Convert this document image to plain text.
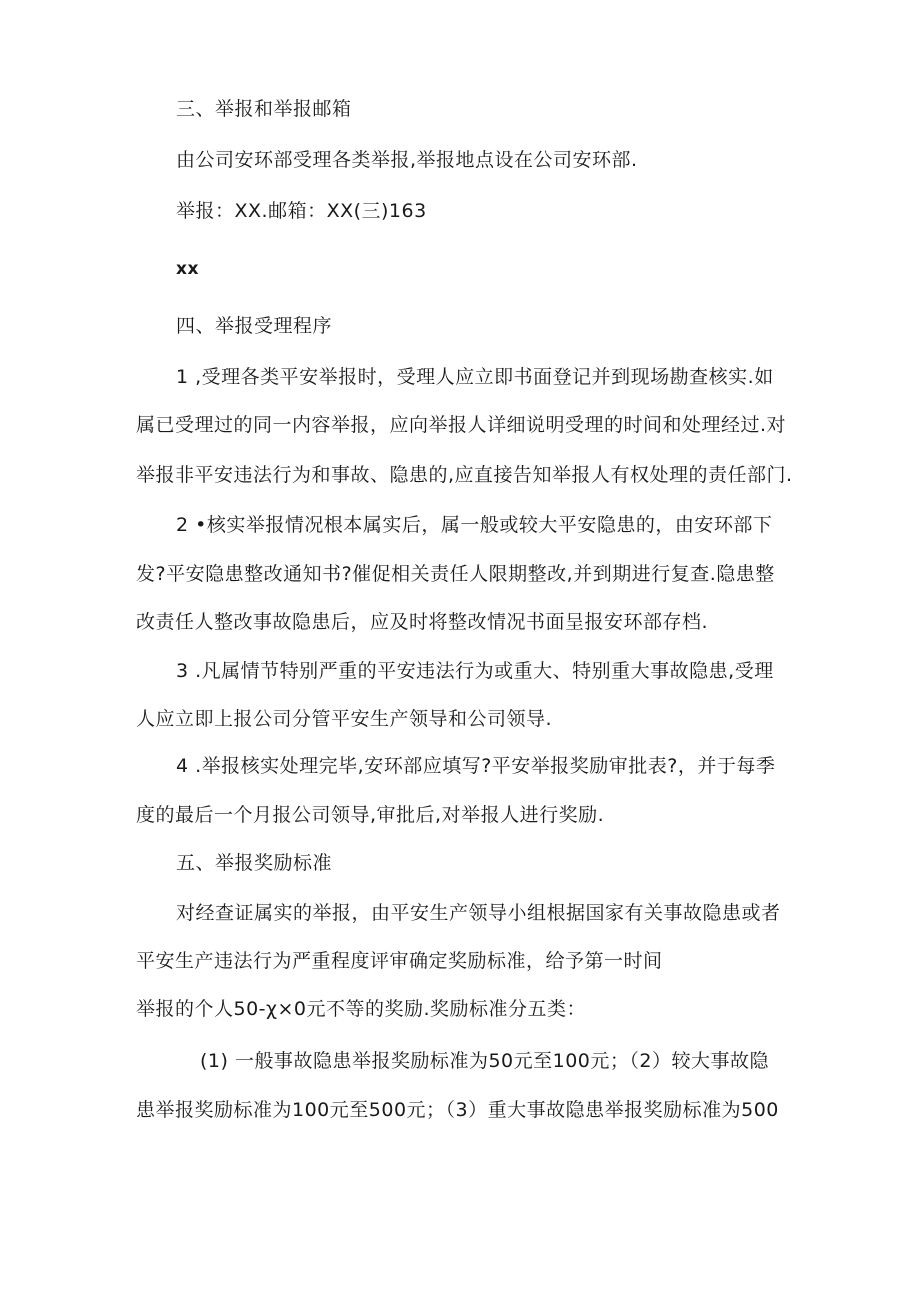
三、举报和举报邮箱
由公司安环部受理各类举报,举报地点设在公司安环部.
举报：XX.邮箱：XX(三)163
xx
四、举报受理程序
1 ,受理各类平安举报时，受理人应立即书面登记并到现场勘查核实.如
属已受理过的同一内容举报，应向举报人详细说明受理的时间和处理经过.对
举报非平安违法行为和事故、隐患的,应直接告知举报人有权处理的责任部门.
2 •核实举报情况根本属实后，属一般或较大平安隐患的，由安环部下
发?平安隐患整改通知书?催促相关责任人限期整改,并到期进行复查.隐患整
改责任人整改事故隐患后，应及时将整改情况书面呈报安环部存档.
3 .凡属情节特别严重的平安违法行为或重大、特别重大事故隐患,受理
人应立即上报公司分管平安生产领导和公司领导.
4 .举报核实处理完毕,安环部应填写?平安举报奖励审批表?，并于每季
度的最后一个月报公司领导,审批后,对举报人进行奖励.
五、举报奖励标准
对经查证属实的举报，由平安生产领导小组根据国家有关事故隐患或者
平安生产违法行为严重程度评审确定奖励标准，给予第一时间
举报的个人50-χ×0元不等的奖励.奖励标准分五类：
(1) 一般事故隐患举报奖励标准为50元至100元；（2）较大事故隐
患举报奖励标准为100元至500元；（3）重大事故隐患举报奖励标准为500
